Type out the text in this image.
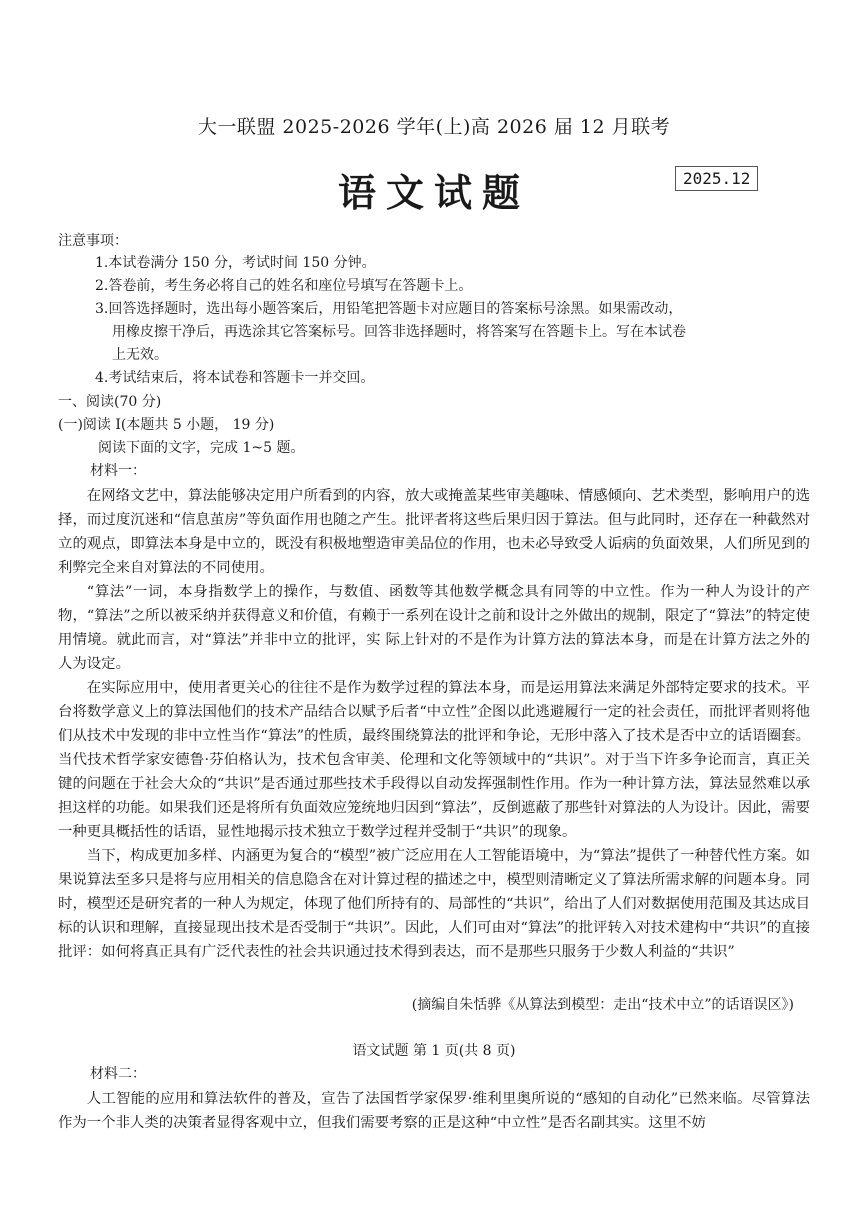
大一联盟 2025-2026 学年(上)高 2026 届 12 月联考
语文试题	2025.12
注意事项：

1.本试卷满分 150 分，考试时间 150 分钟。

2.答卷前，考生务必将自己的姓名和座位号填写在答题卡上。

3.回答选择题时，选出每小题答案后，用铅笔把答题卡对应题目的答案标号涂黑。如果需改动，

用橡皮擦干净后，再选涂其它答案标号。回答非选择题时，将答案写在答题卡上。写在本试卷

上无效。

4.考试结束后，将本试卷和答题卡一并交回。

一、阅读(70 分)
(一)阅读 I(本题共 5 小题， 19 分)
阅读下面的文字，完成 1~5 题。
材料一：

在网络文艺中，算法能够决定用户所看到的内容，放大或掩盖某些审美趣味、情感倾向、艺术类型，影响用户的选择，而过度沉迷和“信息茧房”等负面作用也随之产生。批评者将这些后果归因于算法。但与此同时，还存在一种截然对立的观点，即算法本身是中立的，既没有积极地塑造审美品位的作用，也未必导致受人诟病的负面效果，人们所见到的利弊完全来自对算法的不同使用。

“算法”一词，本身指数学上的操作，与数值、函数等其他数学概念具有同等的中立性。作为一种人为设计的产物，“算法”之所以被采纳并获得意义和价值，有赖于一系列在设计之前和设计之外做出的规制，限定了“算法”的特定使用情境。就此而言，对“算法”并非中立的批评，实 际上针对的不是作为计算方法的算法本身，而是在计算方法之外的人为设定。

在实际应用中，使用者更关心的往往不是作为数学过程的算法本身，而是运用算法来满足外部特定要求的技术。平台将数学意义上的算法国他们的技术产品结合以赋予后者“中立性”企图以此逃避履行一定的社会责任，而批评者则将他们从技术中发现的非中立性当作“算法”的性质，最终围绕算法的批评和争论，无形中落入了技术是否中立的话语圈套。当代技术哲学家安德鲁·芬伯格认为，技术包含审美、伦理和文化等领域中的“共识”。对于当下许多争论而言，真正关键的问题在于社会大众的“共识”是否通过那些技术手段得以自动发挥强制性作用。作为一种计算方法，算法显然难以承担这样的功能。如果我们还是将所有负面效应笼统地归因到“算法”，反倒遮蔽了那些针对算法的人为设计。因此，需要一种更具概括性的话语，显性地揭示技术独立于数学过程并受制于“共识”的现象。

当下，构成更加多样、内涵更为复合的“模型”被广泛应用在人工智能语境中，为“算法”提供了一种替代性方案。如果说算法至多只是将与应用相关的信息隐含在对计算过程的描述之中，模型则清晰定义了算法所需求解的问题本身。同时，模型还是研究者的一种人为规定，体现了他们所持有的、局部性的“共识”，给出了人们对数据使用范围及其达成目标的认识和理解，直接显现出技术是否受制于“共识”。因此，人们可由对“算法”的批评转入对技术建构中“共识”的直接批评：如何将真正具有广泛代表性的社会共识通过技术得到表达，而不是那些只服务于少数人利益的“共识”

(摘编自朱恬骅《从算法到模型：走出“技术中立”的话语误区》)
语文试题 第 1 页(共 8 页)
材料二：

人工智能的应用和算法软件的普及，宣告了法国哲学家保罗·维利里奥所说的“感知的自动化”已然来临。尽管算法作为一个非人类的决策者显得客观中立，但我们需要考察的正是这种“中立性”是否名副其实。这里不妨
